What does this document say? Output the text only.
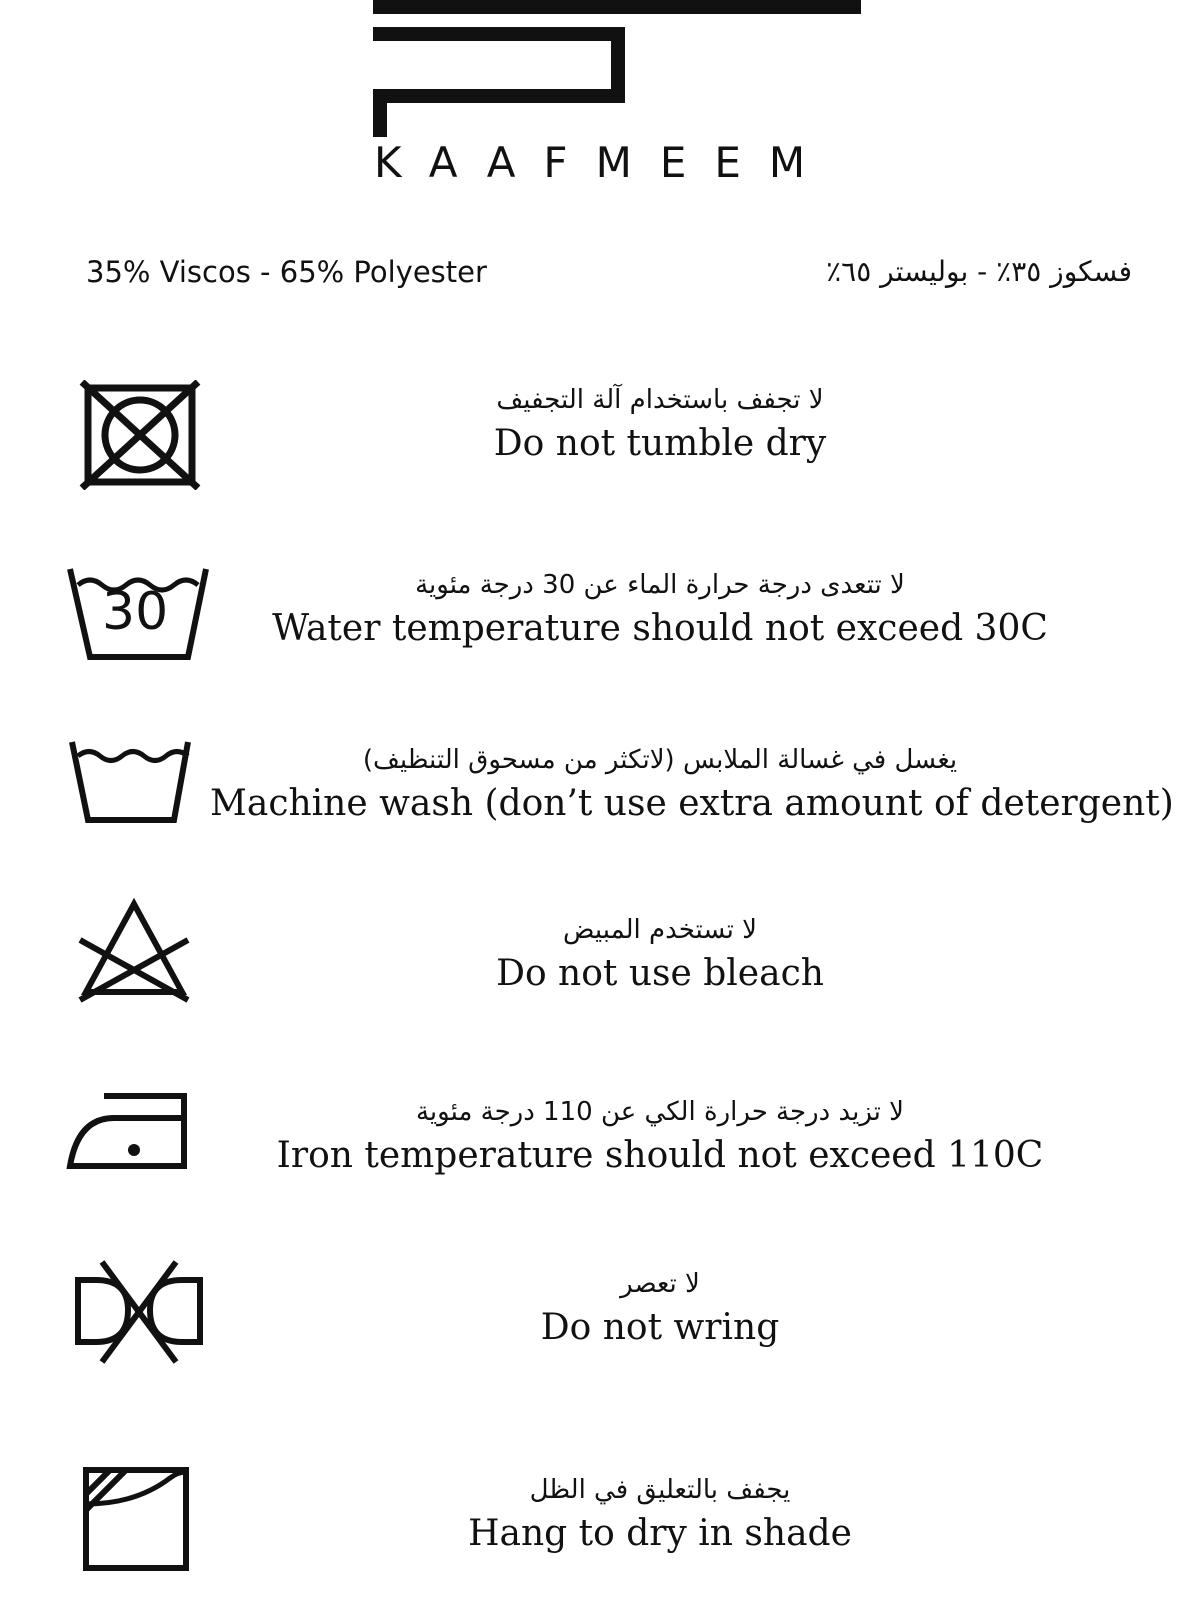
KAAFMEEM
35% Viscos - 65% Polyester	فسكوز ٣٥٪ - بوليستر ٦٥٪
لا تجفف باستخدام آلة التجفيف
Do not tumble dry
30	لا تتعدى درجة حرارة الماء عن 30 درجة مئوية
Water temperature should not exceed 30C
يغسل في غسالة الملابس (لاتكثر من مسحوق التنظيف)
Machine wash (don’t use extra amount of detergent)
لا تستخدم المبيض
Do not use bleach
لا تزيد درجة حرارة الكي عن 110 درجة مئوية
Iron temperature should not exceed 110C
لا تعصر
Do not wring
يجفف بالتعليق في الظل
Hang to dry in shade
